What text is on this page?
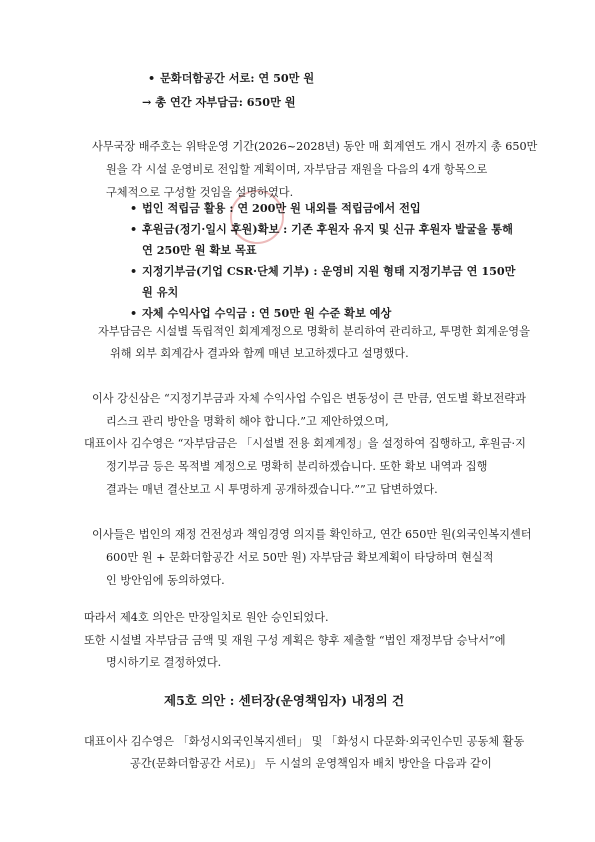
• 문화더함공간 서로: 연 50만 원
→ 총 연간 자부담금: 650만 원
사무국장 배주호는 위탁운영 기간(2026~2028년) 동안 매 회계연도 개시 전까지 총 650만
원을 각 시설 운영비로 전입할 계획이며, 자부담금 재원을 다음의 4개 항목으로
구체적으로 구성할 것임을 설명하였다.
• 법인 적립금 활용 : 연 200만 원 내외를 적립금에서 전입
• 후원금(정기·일시 후원)확보 : 기존 후원자 유지 및 신규 후원자 발굴을 통해
연 250만 원 확보 목표
• 지정기부금(기업 CSR·단체 기부) : 운영비 지원 형태 지정기부금 연 150만
원 유치
• 자체 수익사업 수익금 : 연 50만 원 수준 확보 예상
자부담금은 시설별 독립적인 회계계정으로 명확히 분리하여 관리하고, 투명한 회계운영을
위해 외부 회계감사 결과와 함께 매년 보고하겠다고 설명했다.
이사 강신삼은 “지정기부금과 자체 수익사업 수입은 변동성이 큰 만큼, 연도별 확보전략과
리스크 관리 방안을 명확히 해야 합니다.”고 제안하였으며,
대표이사 김수영은 “자부담금은 「시설별 전용 회계계정」을 설정하여 집행하고, 후원금·지
정기부금 등은 목적별 계정으로 명확히 분리하겠습니다. 또한 확보 내역과 집행
결과는 매년 결산보고 시 투명하게 공개하겠습니다.””고 답변하였다.
이사들은 법인의 재정 건전성과 책임경영 의지를 확인하고, 연간 650만 원(외국인복지센터
600만 원 + 문화더함공간 서로 50만 원) 자부담금 확보계획이 타당하며 현실적
인 방안임에 동의하였다.
따라서 제4호 의안은 만장일치로 원안 승인되었다.
또한 시설별 자부담금 금액 및 재원 구성 계획은 향후 제출할 “법인 재정부담 승낙서”에
명시하기로 결정하였다.
제5호 의안 : 센터장(운영책임자) 내정의 건
대표이사 김수영은 「화성시외국인복지센터」 및 「화성시 다문화·외국인수민 공동체 활동
공간(문화더함공간 서로)」 두 시설의 운영책임자 배치 방안을 다음과 같이
